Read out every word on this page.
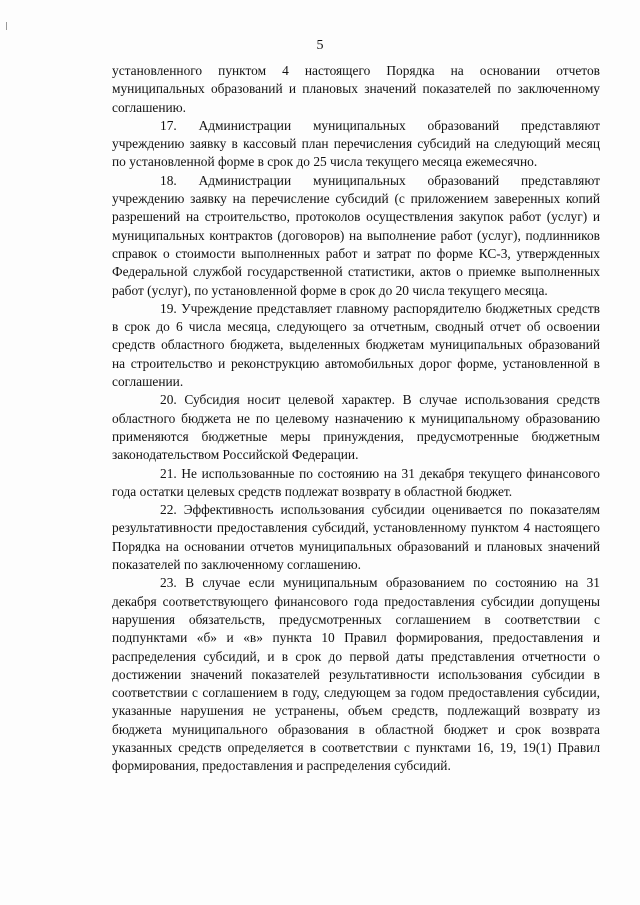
5

установленного пунктом 4 настоящего Порядка на основании отчетов муниципальных образований и плановых значений показателей по заключенному соглашению.

17. Администрации муниципальных образований представляют учреждению заявку в кассовый план перечисления субсидий на следующий месяц по установленной форме в срок до 25 числа текущего месяца ежемесячно.

18. Администрации муниципальных образований представляют учреждению заявку на перечисление субсидий (с приложением заверенных копий разрешений на строительство, протоколов осуществления закупок работ (услуг) и муниципальных контрактов (договоров) на выполнение работ (услуг), подлинников справок о стоимости выполненных работ и затрат по форме КС-3, утвержденных Федеральной службой государственной статистики, актов о приемке выполненных работ (услуг), по установленной форме в срок до 20 числа текущего месяца.

19. Учреждение представляет главному распорядителю бюджетных средств в срок до 6 числа месяца, следующего за отчетным, сводный отчет об освоении средств областного бюджета, выделенных бюджетам муниципальных образований на строительство и реконструкцию автомобильных дорог форме, установленной в соглашении.

20. Субсидия носит целевой характер. В случае использования средств областного бюджета не по целевому назначению к муниципальному образованию применяются бюджетные меры принуждения, предусмотренные бюджетным законодательством Российской Федерации.

21. Не использованные по состоянию на 31 декабря текущего финансового года остатки целевых средств подлежат возврату в областной бюджет.

22. Эффективность использования субсидии оценивается по показателям результативности предоставления субсидий, установленному пунктом 4 настоящего Порядка на основании отчетов муниципальных образований и плановых значений показателей по заключенному соглашению.

23. В случае если муниципальным образованием по состоянию на 31 декабря соответствующего финансового года предоставления субсидии допущены нарушения обязательств, предусмотренных соглашением в соответствии с подпунктами «б» и «в» пункта 10 Правил формирования, предоставления и распределения субсидий, и в срок до первой даты представления отчетности о достижении значений показателей результативности использования субсидии в соответствии с соглашением в году, следующем за годом предоставления субсидии, указанные нарушения не устранены, объем средств, подлежащий возврату из бюджета муниципального образования в областной бюджет и срок возврата указанных средств определяется в соответствии с пунктами 16, 19, 19(1) Правил формирования, предоставления и распределения субсидий.
